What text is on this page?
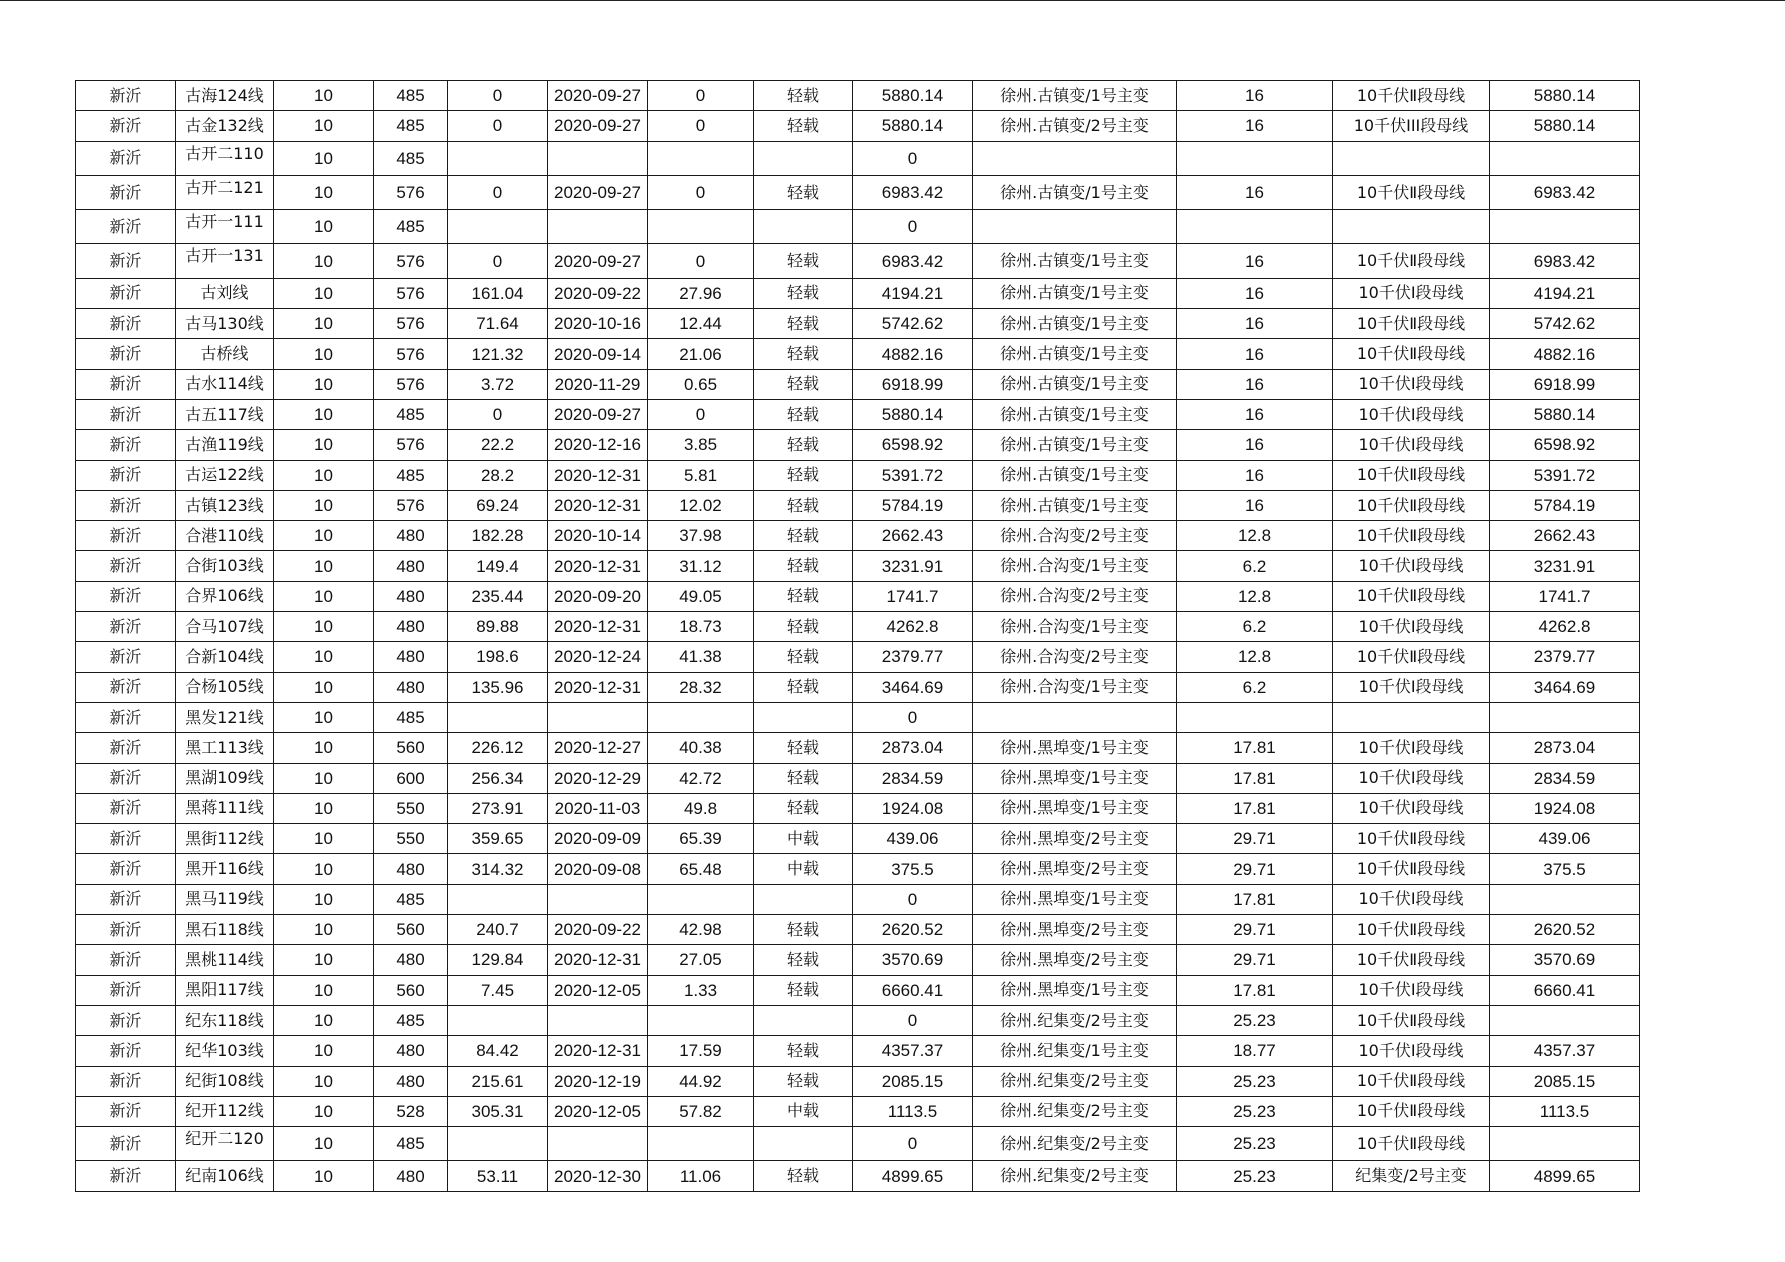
新沂	古海124线	10	485	0	2020-09-27	0	轻载	5880.14	徐州.古镇变/1号主变	16	10千伏Ⅱ段母线	5880.14
新沂	古金132线	10	485	0	2020-09-27	0	轻载	5880.14	徐州.古镇变/2号主变	16	10千伏III段母线	5880.14
新沂	古开二110	10	485					0				
新沂	古开二121	10	576	0	2020-09-27	0	轻载	6983.42	徐州.古镇变/1号主变	16	10千伏Ⅱ段母线	6983.42
新沂	古开一111	10	485					0				
新沂	古开一131	10	576	0	2020-09-27	0	轻载	6983.42	徐州.古镇变/1号主变	16	10千伏Ⅱ段母线	6983.42
新沂	古刘线	10	576	161.04	2020-09-22	27.96	轻载	4194.21	徐州.古镇变/1号主变	16	10千伏Ⅰ段母线	4194.21
新沂	古马130线	10	576	71.64	2020-10-16	12.44	轻载	5742.62	徐州.古镇变/1号主变	16	10千伏Ⅱ段母线	5742.62
新沂	古桥线	10	576	121.32	2020-09-14	21.06	轻载	4882.16	徐州.古镇变/1号主变	16	10千伏Ⅱ段母线	4882.16
新沂	古水114线	10	576	3.72	2020-11-29	0.65	轻载	6918.99	徐州.古镇变/1号主变	16	10千伏Ⅰ段母线	6918.99
新沂	古五117线	10	485	0	2020-09-27	0	轻载	5880.14	徐州.古镇变/1号主变	16	10千伏Ⅰ段母线	5880.14
新沂	古渔119线	10	576	22.2	2020-12-16	3.85	轻载	6598.92	徐州.古镇变/1号主变	16	10千伏Ⅰ段母线	6598.92
新沂	古运122线	10	485	28.2	2020-12-31	5.81	轻载	5391.72	徐州.古镇变/1号主变	16	10千伏Ⅱ段母线	5391.72
新沂	古镇123线	10	576	69.24	2020-12-31	12.02	轻载	5784.19	徐州.古镇变/1号主变	16	10千伏Ⅱ段母线	5784.19
新沂	合港110线	10	480	182.28	2020-10-14	37.98	轻载	2662.43	徐州.合沟变/2号主变	12.8	10千伏Ⅱ段母线	2662.43
新沂	合街103线	10	480	149.4	2020-12-31	31.12	轻载	3231.91	徐州.合沟变/1号主变	6.2	10千伏Ⅰ段母线	3231.91
新沂	合界106线	10	480	235.44	2020-09-20	49.05	轻载	1741.7	徐州.合沟变/2号主变	12.8	10千伏Ⅱ段母线	1741.7
新沂	合马107线	10	480	89.88	2020-12-31	18.73	轻载	4262.8	徐州.合沟变/1号主变	6.2	10千伏Ⅰ段母线	4262.8
新沂	合新104线	10	480	198.6	2020-12-24	41.38	轻载	2379.77	徐州.合沟变/2号主变	12.8	10千伏Ⅱ段母线	2379.77
新沂	合杨105线	10	480	135.96	2020-12-31	28.32	轻载	3464.69	徐州.合沟变/1号主变	6.2	10千伏Ⅰ段母线	3464.69
新沂	黑发121线	10	485					0				
新沂	黑工113线	10	560	226.12	2020-12-27	40.38	轻载	2873.04	徐州.黑埠变/1号主变	17.81	10千伏Ⅰ段母线	2873.04
新沂	黑湖109线	10	600	256.34	2020-12-29	42.72	轻载	2834.59	徐州.黑埠变/1号主变	17.81	10千伏Ⅰ段母线	2834.59
新沂	黑蒋111线	10	550	273.91	2020-11-03	49.8	轻载	1924.08	徐州.黑埠变/1号主变	17.81	10千伏Ⅰ段母线	1924.08
新沂	黑街112线	10	550	359.65	2020-09-09	65.39	中载	439.06	徐州.黑埠变/2号主变	29.71	10千伏Ⅱ段母线	439.06
新沂	黑开116线	10	480	314.32	2020-09-08	65.48	中载	375.5	徐州.黑埠变/2号主变	29.71	10千伏Ⅱ段母线	375.5
新沂	黑马119线	10	485					0	徐州.黑埠变/1号主变	17.81	10千伏Ⅰ段母线	
新沂	黑石118线	10	560	240.7	2020-09-22	42.98	轻载	2620.52	徐州.黑埠变/2号主变	29.71	10千伏Ⅱ段母线	2620.52
新沂	黑桃114线	10	480	129.84	2020-12-31	27.05	轻载	3570.69	徐州.黑埠变/2号主变	29.71	10千伏Ⅱ段母线	3570.69
新沂	黑阳117线	10	560	7.45	2020-12-05	1.33	轻载	6660.41	徐州.黑埠变/1号主变	17.81	10千伏Ⅰ段母线	6660.41
新沂	纪东118线	10	485					0	徐州.纪集变/2号主变	25.23	10千伏Ⅱ段母线	
新沂	纪华103线	10	480	84.42	2020-12-31	17.59	轻载	4357.37	徐州.纪集变/1号主变	18.77	10千伏Ⅰ段母线	4357.37
新沂	纪街108线	10	480	215.61	2020-12-19	44.92	轻载	2085.15	徐州.纪集变/2号主变	25.23	10千伏Ⅱ段母线	2085.15
新沂	纪开112线	10	528	305.31	2020-12-05	57.82	中载	1113.5	徐州.纪集变/2号主变	25.23	10千伏Ⅱ段母线	1113.5
新沂	纪开二120	10	485					0	徐州.纪集变/2号主变	25.23	10千伏Ⅱ段母线	
新沂	纪南106线	10	480	53.11	2020-12-30	11.06	轻载	4899.65	徐州.纪集变/2号主变	25.23	纪集变/2号主变	4899.65
